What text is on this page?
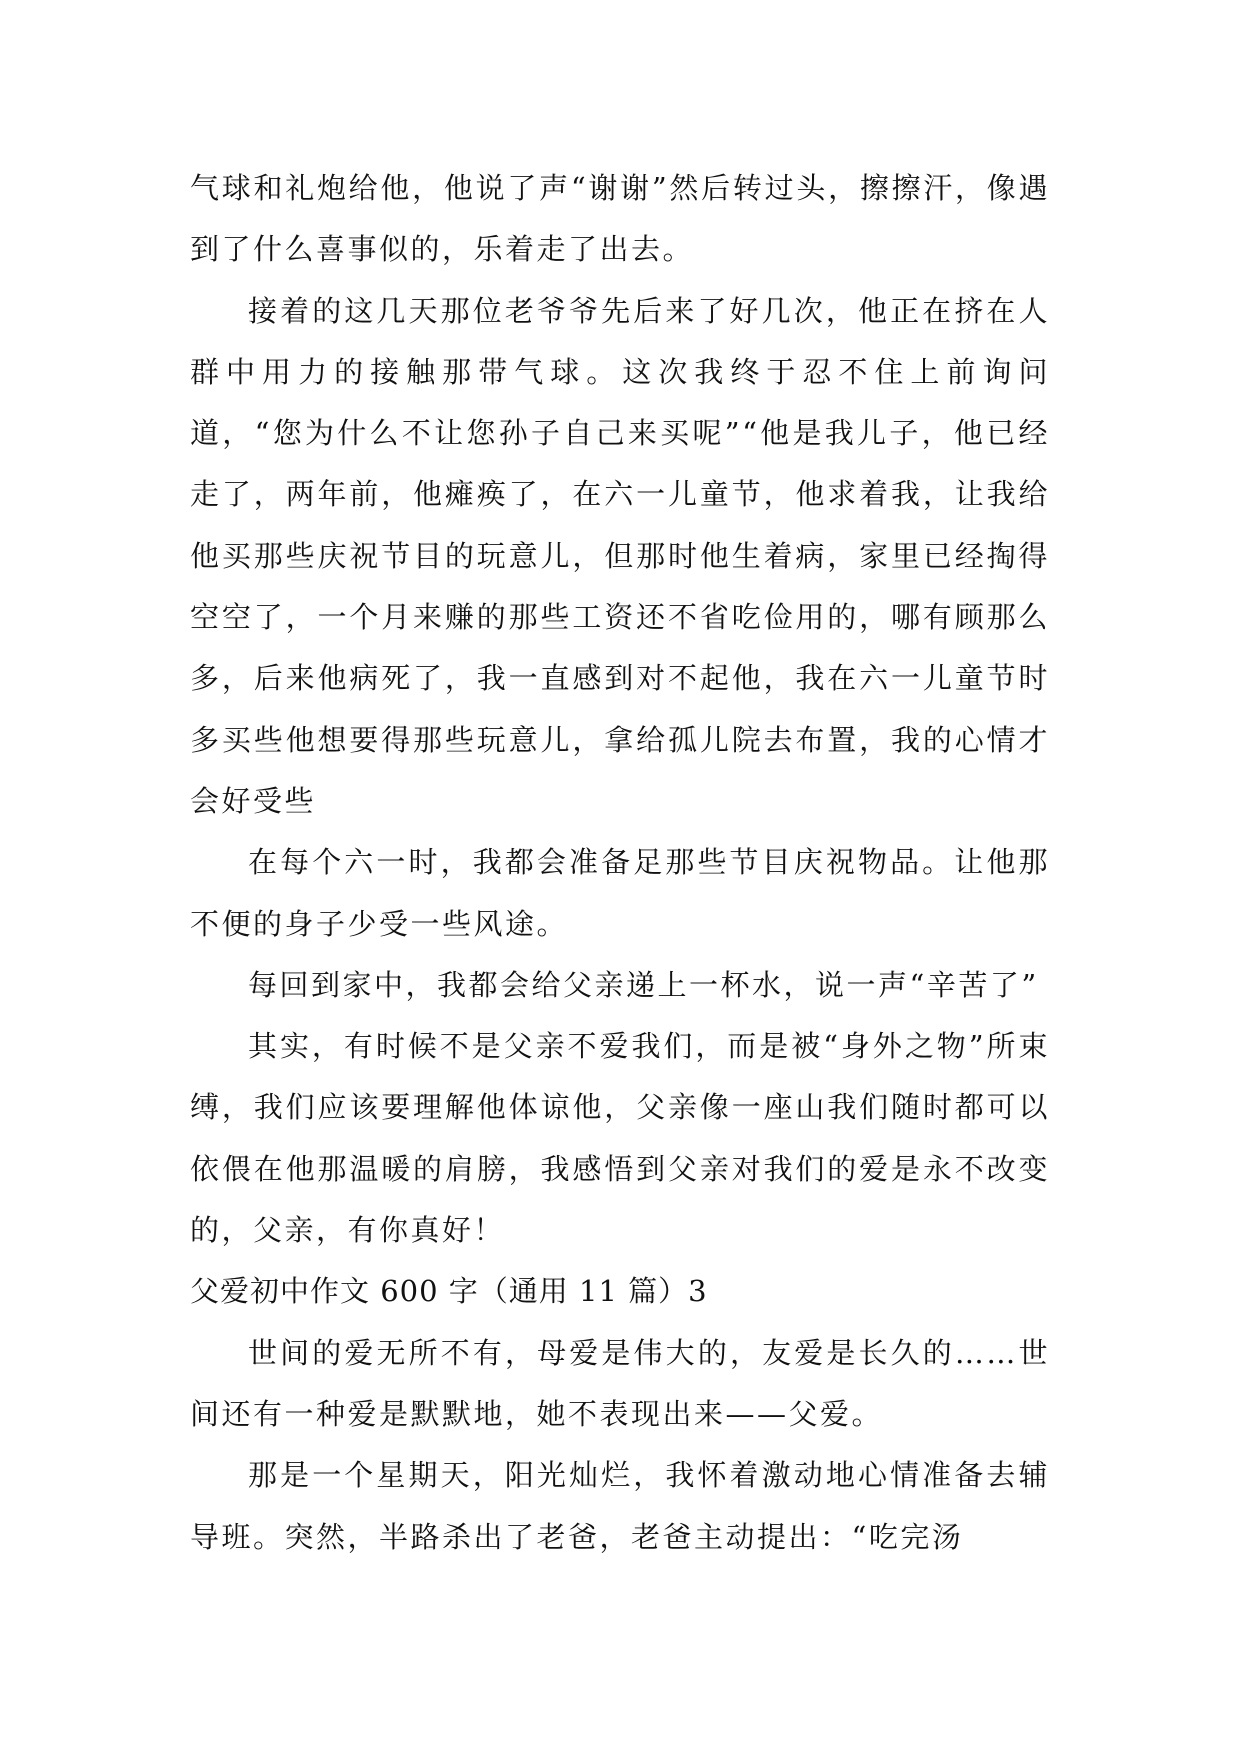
气球和礼炮给他，他说了声“谢谢”然后转过头，擦擦汗，像遇到了什么喜事似的，乐着走了出去。

接着的这几天那位老爷爷先后来了好几次，他正在挤在人群中用力的接触那带气球。这次我终于忍不住上前询问道，“您为什么不让您孙子自己来买呢”“他是我儿子，他已经走了，两年前，他瘫痪了，在六一儿童节，他求着我，让我给他买那些庆祝节目的玩意儿，但那时他生着病，家里已经掏得空空了，一个月来赚的那些工资还不省吃俭用的，哪有顾那么多，后来他病死了，我一直感到对不起他，我在六一儿童节时多买些他想要得那些玩意儿，拿给孤儿院去布置，我的心情才会好受些

在每个六一时，我都会准备足那些节目庆祝物品。让他那不便的身子少受一些风途。

每回到家中，我都会给父亲递上一杯水，说一声“辛苦了”

其实，有时候不是父亲不爱我们，而是被“身外之物”所束缚，我们应该要理解他体谅他，父亲像一座山我们随时都可以依偎在他那温暖的肩膀，我感悟到父亲对我们的爱是永不改变的，父亲，有你真好！

父爱初中作文 600 字（通用 11 篇）3

世间的爱无所不有，母爱是伟大的，友爱是长久的……世间还有一种爱是默默地，她不表现出来——父爱。

那是一个星期天，阳光灿烂，我怀着激动地心情准备去辅导班。突然，半路杀出了老爸，老爸主动提出：“吃完汤
